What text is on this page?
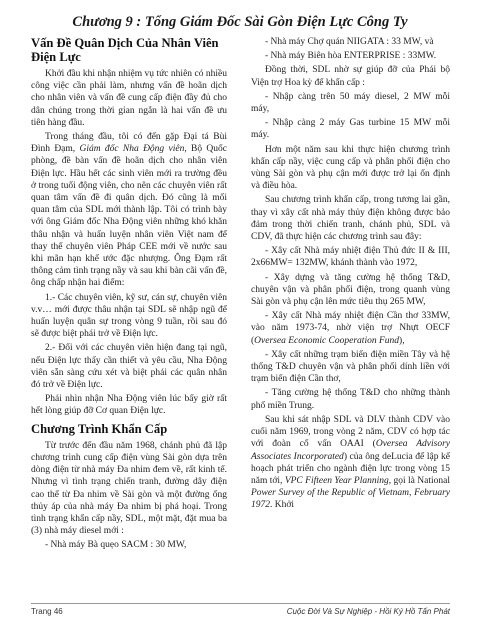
Chương 9 : Tổng Giám Đốc Sài Gòn Điện Lực Công Ty
Vấn Đề Quân Dịch Của Nhân Viên Điện Lực

Khởi đầu khi nhận nhiệm vụ tức nhiên có nhiều công việc cần phải làm, nhưng vấn đề hoãn dịch cho nhân viên và vấn đề cung cấp điện đầy đủ cho dân chúng trong thời gian ngắn là hai vấn đề ưu tiên hàng đầu.

Trong tháng đầu, tôi có đến gặp Đại tá Bùi Đình Đạm, Giám đốc Nha Động viên, Bộ Quốc phòng, đề bàn vấn đề hoãn dịch cho nhân viên Điện lực. Hầu hết các sinh viên mới ra trường đều ở trong tuổi động viên, cho nên các chuyên viên rất quan tâm vấn đề đi quân dịch. Đó cũng là mối quan tâm của SDL mới thành lập. Tôi có trình bày với ông Giám đốc Nha Động viên những khó khăn thâu nhận và huấn luyện nhân viên Việt nam để thay thế chuyên viên Pháp CEE mới về nước sau khi mãn hạn khế ước đặc nhượng. Ông Đạm rất thông cảm tình trạng nầy và sau khi bàn cãi vấn đề, ông chấp nhận hai điểm:

1.- Các chuyên viên, kỹ sư, cán sự, chuyên viên v.v… mới được thâu nhận tại SDL sẽ nhập ngũ để huấn luyện quân sự trong vòng 9 tuần, rồi sau đó sẽ được biệt phái trở về Điện lực.

2.- Đối với các chuyên viên hiện đang tại ngũ, nếu Điện lực thấy cần thiết và yêu cầu, Nha Động viên sẵn sàng cứu xét và biệt phái các quân nhân đó trở về Điện lực.

Phái nhìn nhận Nha Động viên lúc bấy giờ rất hết lòng giúp đỡ Cơ quan Điện lực.

Chương Trình Khẩn Cấp

Từ trước đến đầu năm 1968, chánh phủ đã lập chương trình cung cấp điện vùng Sài gòn dựa trên dòng điện từ nhà máy Đa nhim đem về, rất kinh tế. Nhưng vì tình trạng chiến tranh, đường dây điện cao thế từ Đa nhim về Sài gòn và một đường ống thủy áp của nhà máy Đa nhim bị phá hoại. Trong tình trạng khẩn cấp nầy, SDL, một mặt, đặt mua ba (3) nhà máy diesel mới :

- Nhà máy Bà quẹo SACM : 30 MW,

- Nhà máy Chợ quán NIIGATA : 33 MW, và

- Nhà máy Biên hòa ENTERPRISE : 33MW.

Đồng thời, SDL nhờ sự giúp đỡ của Phái bộ Viện trợ Hoa kỳ để khẩn cấp :

- Nhập càng trên 50 máy diesel, 2 MW mỗi máy,

- Nhập càng 2 máy Gas turbine 15 MW mỗi máy.

Hơn một năm sau khi thực hiện chương trình khẩn cấp nầy, việc cung cấp và phân phối điện cho vùng Sài gòn và phụ cận mới được trở lại ổn định và điều hòa.

Sau chương trình khẩn cấp, trong tương lai gần, thay vì xây cất nhà máy thủy điện không được bảo đảm trong thời chiến tranh, chánh phủ, SDL và CDV, đã thực hiện các chương trình sau đây:

- Xây cất Nhà máy nhiệt điện Thủ đức II & III, 2x66MW= 132MW, khánh thành vào 1972,

- Xây dựng và tăng cường hệ thống T&D, chuyên vận và phân phối điện, trong quanh vùng Sài gòn và phụ cận lên mức tiêu thụ 265 MW,

- Xây cất Nhà máy nhiệt điện Cần thơ 33MW, vào năm 1973-74, nhờ viện trợ Nhựt OECF (Oversea Economic Cooperation Fund),

- Xây cất những trạm biến điện miền Tây và hệ thống T&D chuyên vận và phân phối dính liền với trạm biến điện Cần thơ,

- Tăng cường hệ thống T&D cho những thành phố miền Trung.

Sau khi sát nhập SDL và DLV thành CDV vào cuối năm 1969, trong vòng 2 năm, CDV có hợp tác với đoàn cố vấn OAAI (Oversea Advisory Associates Incorporated) của ông deLucia để lập kế hoạch phát triển cho ngành điện lực trong vòng 15 năm tới, VPC Fifteen Year Planning, gọi là National Power Survey of the Republic of Vietnam, February 1972. Khởi

Trang 46	Cuộc Đời Và Sự Nghiệp - Hồi Ký Hồ Tấn Phát
